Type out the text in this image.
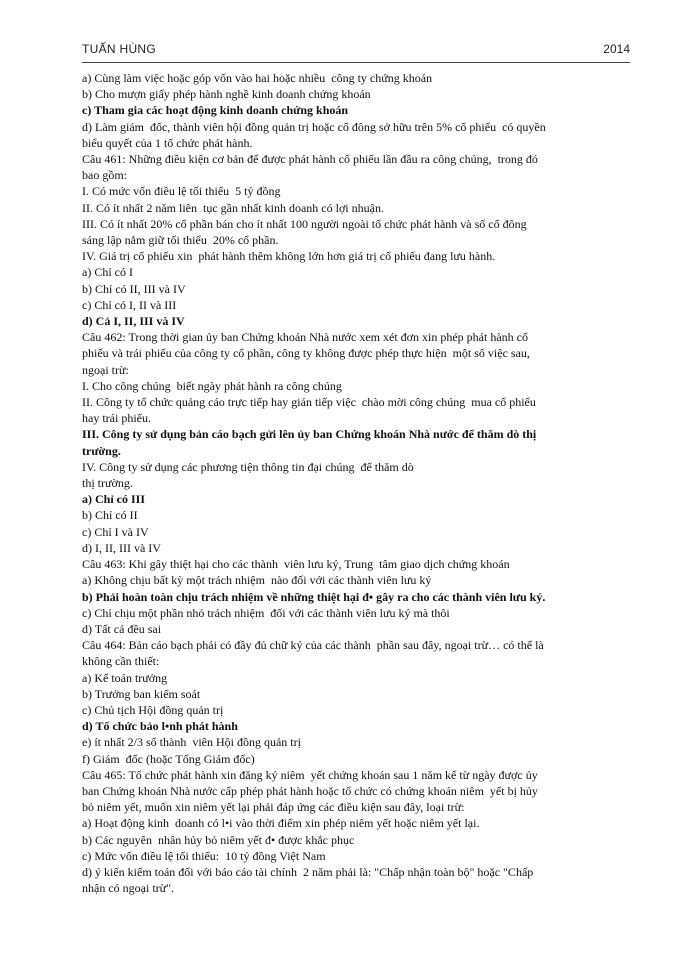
TUẤN HÙNG	2014
a) Cùng làm việc hoặc góp vốn vào hai hoặc nhiều  công ty chứng khoán
b) Cho mượn giấy phép hành nghề kinh doanh chứng khoán
c) Tham gia các hoạt động kinh doanh chứng khoán
d) Làm giám  đốc, thành viên hội đồng quản trị hoặc cổ đông sở hữu trên 5% cổ phiếu  có quyền
biểu quyết của 1 tổ chức phát hành.
Câu 461: Những điều kiện cơ bản để được phát hành cổ phiếu lần đầu ra công chúng,  trong đó
bao gồm:
I. Có mức vốn điều lệ tối thiểu  5 tỷ đồng
II. Có ít nhất 2 năm liên  tục gần nhất kinh doanh có lợi nhuận.
III. Có ít nhất 20% cổ phần bán cho ít nhất 100 người ngoài tổ chức phát hành và số cổ đông
sáng lập nắm giữ tối thiểu  20% cổ phần.
IV. Giá trị cổ phiếu xin  phát hành thêm không lớn hơn giá trị cổ phiếu đang lưu hành.
a) Chỉ có I
b) Chỉ có II, III và IV
c) Chỉ có I, II và III
d) Cả I, II, III và IV
Câu 462: Trong thời gian ủy ban Chứng khoán Nhà nước xem xét đơn xin phép phát hành cổ
phiếu và trái phiếu của công ty cổ phần, công ty không được phép thực hiện  một số việc sau,
ngoại trừ:
I. Cho công chúng  biết ngày phát hành ra công chúng
II. Công ty tổ chức quảng cáo trực tiếp hay gián tiếp việc  chào mời công chúng  mua cổ phiếu
hay trái phiếu.
III. Công ty sử dụng bản cáo bạch gửi lên ủy ban Chứng khoán Nhà nước để thăm dò thị
trường.
IV. Công ty sử dụng các phương tiện thông tin đại chúng  để thăm dò
thị trường.
a) Chỉ có III
b) Chỉ có II
c) Chỉ I và IV
d) I, II, III và IV
Câu 463: Khi gây thiệt hại cho các thành  viên lưu ký, Trung  tâm giao dịch chứng khoán
a) Không chịu bất kỳ một trách nhiệm  nào đối với các thành viên lưu ký
b) Phải hoàn toàn chịu trách nhiệm về những thiệt hại đ• gây ra cho các thành viên lưu ký.
c) Chỉ chịu một phần nhỏ trách nhiệm  đối với các thành viên lưu ký mà thôi
d) Tất cả đều sai
Câu 464: Bản cáo bạch phải có đầy đủ chữ ký của các thành  phần sau đây, ngoại trừ… có thể là
không cần thiết:
a) Kế toán trưởng
b) Trưởng ban kiểm soát
c) Chủ tịch Hội đồng quản trị
d) Tổ chức bảo l•nh phát hành
e) ít nhất 2/3 số thành  viên Hội đồng quản trị
f) Giám  đốc (hoặc Tổng Giám đốc)
Câu 465: Tổ chức phát hành xin đăng ký niêm  yết chứng khoán sau 1 năm kể từ ngày được ủy
ban Chứng khoán Nhà nước cấp phép phát hành hoặc tổ chức có chứng khoán niêm  yết bị hủy
bỏ niêm yết, muốn xin niêm yết lại phải đáp ứng các điều kiện sau đây, loại trừ:
a) Hoạt động kinh  doanh có l•i vào thời điểm xin phép niêm yết hoặc niêm yết lại.
b) Các nguyên  nhân hủy bỏ niêm yết đ• được khắc phục
c) Mức vốn điều lệ tối thiểu:  10 tỷ đồng Việt Nam
d) ý kiến kiểm toán đối với báo cáo tài chính  2 năm phải là: "Chấp nhận toàn bộ" hoặc "Chấp
nhận có ngoại trừ".
